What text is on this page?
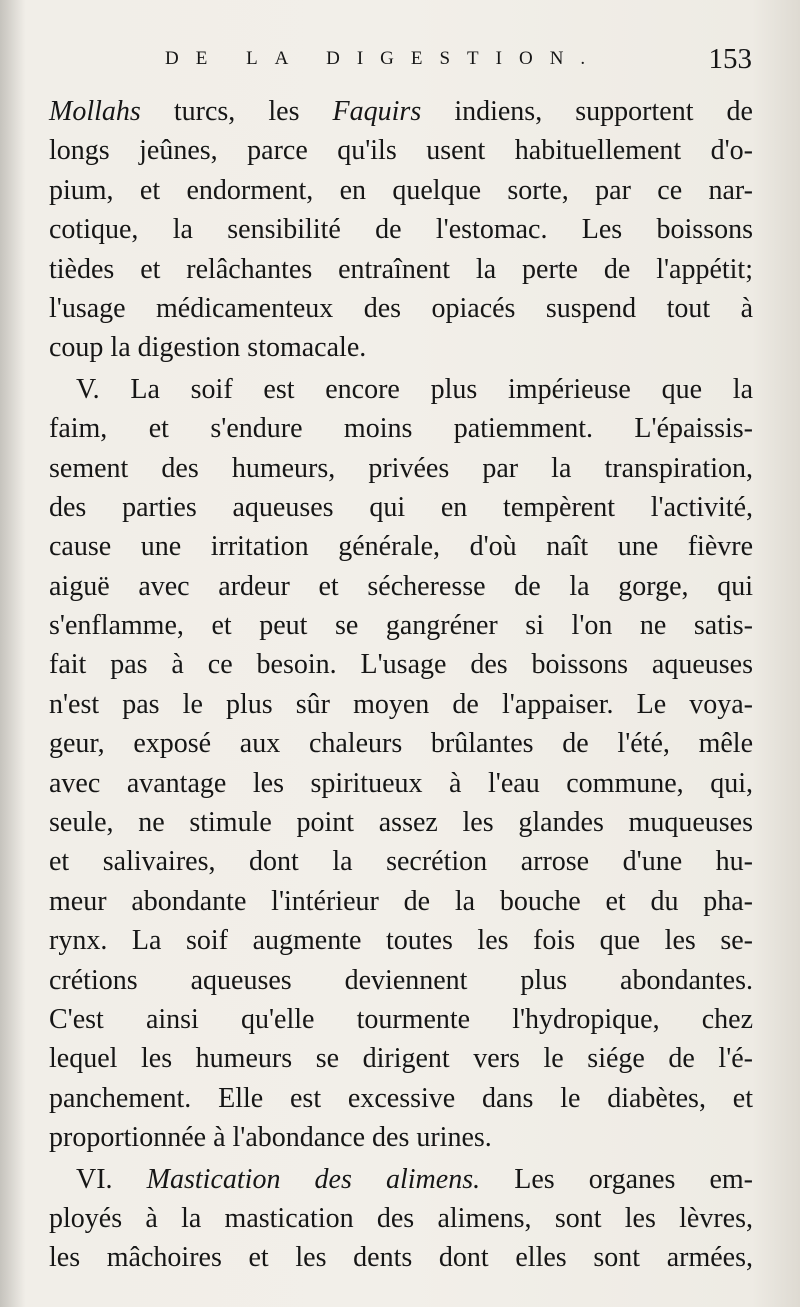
DE LA DIGESTION.	153
Mollahs turcs, les Faquirs indiens, supportent de
longs jeûnes, parce qu'ils usent habituellement d'o-
pium, et endorment, en quelque sorte, par ce nar-
cotique, la sensibilité de l'estomac. Les boissons
tièdes et relâchantes entraînent la perte de l'appétit;
l'usage médicamenteux des opiacés suspend tout à
coup la digestion stomacale.
V. La soif est encore plus impérieuse que la
faim, et s'endure moins patiemment. L'épaissis-
sement des humeurs, privées par la transpiration,
des parties aqueuses qui en tempèrent l'activité,
cause une irritation générale, d'où naît une fièvre
aiguë avec ardeur et sécheresse de la gorge, qui
s'enflamme, et peut se gangréner si l'on ne satis-
fait pas à ce besoin. L'usage des boissons aqueuses
n'est pas le plus sûr moyen de l'appaiser. Le voya-
geur, exposé aux chaleurs brûlantes de l'été, mêle
avec avantage les spiritueux à l'eau commune, qui,
seule, ne stimule point assez les glandes muqueuses
et salivaires, dont la secrétion arrose d'une hu-
meur abondante l'intérieur de la bouche et du pha-
rynx. La soif augmente toutes les fois que les se-
crétions aqueuses deviennent plus abondantes.
C'est ainsi qu'elle tourmente l'hydropique, chez
lequel les humeurs se dirigent vers le siége de l'é-
panchement. Elle est excessive dans le diabètes, et
proportionnée à l'abondance des urines.
VI. Mastication des alimens. Les organes em-
ployés à la mastication des alimens, sont les lèvres,
les mâchoires et les dents dont elles sont armées,
